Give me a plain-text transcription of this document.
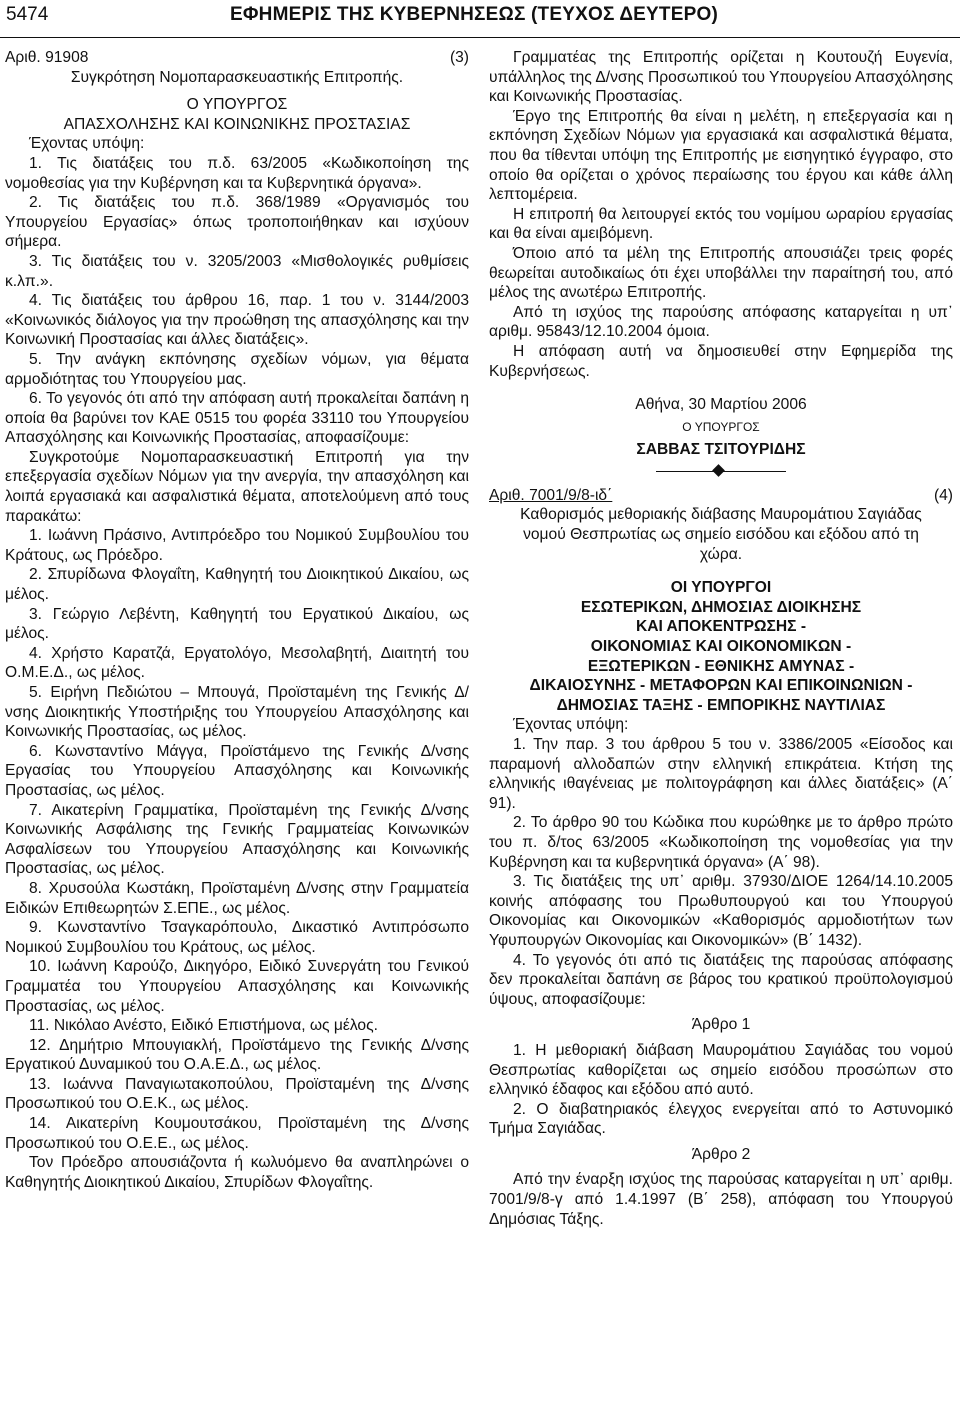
5474	ΕΦΗΜΕΡΙΣ ΤΗΣ ΚΥΒΕΡΝΗΣΕΩΣ (ΤΕΥΧΟΣ ΔΕΥΤΕΡΟ)
Αριθ. 91908	(3)

Συγκρότηση Νομοπαρασκευαστικής Επιτροπής.

Ο ΥΠΟΥΡΓΟΣ

ΑΠΑΣΧΟΛΗΣΗΣ ΚΑΙ ΚΟΙΝΩΝΙΚΗΣ ΠΡΟΣΤΑΣΙΑΣ

Έχοντας υπόψη:

1. Τις διατάξεις του π.δ. 63/2005 «Κωδικοποίηση της νομοθεσίας για την Κυβέρνηση και τα Κυβερνητικά όργανα».

2. Τις διατάξεις του π.δ. 368/1989 «Οργανισμός του Υπουργείου Εργασίας» όπως τροποποιήθηκαν και ισχύουν σήμερα.

3. Τις διατάξεις του ν. 3205/2003 «Μισθολογικές ρυθμίσεις κ.λπ.».

4. Τις διατάξεις του άρθρου 16, παρ. 1 του ν. 3144/2003 «Κοινωνικός διάλογος για την προώθηση της απασχόλησης και την Κοινωνική Προστασίας και άλλες διατάξεις».

5. Την ανάγκη εκπόνησης σχεδίων νόμων, για θέματα αρμοδιότητας του Υπουργείου μας.

6. Το γεγονός ότι από την απόφαση αυτή προκαλείται δαπάνη η οποία θα βαρύνει τον ΚΑΕ 0515 του φορέα 33110 του Υπουργείου Απασχόλησης και Κοινωνικής Προστασίας, αποφασίζουμε:

Συγκροτούμε Νομοπαρασκευαστική Επιτροπή για την επεξεργασία σχεδίων Νόμων για την ανεργία, την απασχόληση και λοιπά εργασιακά και ασφαλιστικά θέματα, αποτελούμενη από τους παρακάτω:

1. Ιωάννη Πράσινο, Αντιπρόεδρο του Νομικού Συμβουλίου του Κράτους, ως Πρόεδρο.

2. Σπυρίδωνα Φλογαΐτη, Καθηγητή του Διοικητικού Δικαίου, ως μέλος.

3. Γεώργιο Λεβέντη, Καθηγητή του Εργατικού Δικαίου, ως μέλος.

4. Χρήστο Καρατζά, Εργατολόγο, Μεσολαβητή, Διαιτητή του Ο.Μ.Ε.Δ., ως μέλος.

5. Ειρήνη Πεδιώτου – Μπουγά, Προϊσταμένη της Γενικής Δ/νσης Διοικητικής Υποστήριξης του Υπουργείου Απασχόλησης και Κοινωνικής Προστασίας, ως μέλος.

6. Κωνσταντίνο Μάγγα, Προϊστάμενο της Γενικής Δ/νσης Εργασίας του Υπουργείου Απασχόλησης και Κοινωνικής Προστασίας, ως μέλος.

7. Αικατερίνη Γραμματίκα, Προϊσταμένη της Γενικής Δ/νσης Κοινωνικής Ασφάλισης της Γενικής Γραμματείας Κοινωνικών Ασφαλίσεων του Υπουργείου Απασχόλησης και Κοινωνικής Προστασίας, ως μέλος.

8. Χρυσούλα Κωστάκη, Προϊσταμένη Δ/νσης στην Γραμματεία Ειδικών Επιθεωρητών Σ.ΕΠΕ., ως μέλος.

9. Κωνσταντίνο Τσαγκαρόπουλο, Δικαστικό Αντιπρόσωπο Νομικού Συμβουλίου του Κράτους, ως μέλος.

10. Ιωάννη Καρούζο, Δικηγόρο, Ειδικό Συνεργάτη του Γενικού Γραμματέα του Υπουργείου Απασχόλησης και Κοινωνικής Προστασίας, ως μέλος.

11. Νικόλαο Ανέστο, Ειδικό Επιστήμονα, ως μέλος.

12. Δημήτριο Μπουγιακλή, Προϊστάμενο της Γενικής Δ/νσης Εργατικού Δυναμικού του Ο.Α.Ε.Δ., ως μέλος.

13. Ιωάννα Παναγιωτακοπούλου, Προϊσταμένη της Δ/νσης Προσωπικού του Ο.Ε.Κ., ως μέλος.

14. Αικατερίνη Κουμουτσάκου, Προϊσταμένη της Δ/νσης Προσωπικού του Ο.Ε.Ε., ως μέλος.

Τον Πρόεδρο απουσιάζοντα ή κωλυόμενο θα αναπληρώνει ο Καθηγητής Διοικητικού Δικαίου, Σπυρίδων Φλογαΐτης.

Γραμματέας της Επιτροπής ορίζεται η Κουτουζή Ευγενία, υπάλληλος της Δ/νσης Προσωπικού του Υπουργείου Απασχόλησης και Κοινωνικής Προστασίας.

Έργο της Επιτροπής θα είναι η μελέτη, η επεξεργασία και η εκπόνηση Σχεδίων Νόμων για εργασιακά και ασφαλιστικά θέματα, που θα τίθενται υπόψη της Επιτροπής με εισηγητικό έγγραφο, στο οποίο θα ορίζεται ο χρόνος περαίωσης του έργου και κάθε άλλη λεπτομέρεια.

Η επιτροπή θα λειτουργεί εκτός του νομίμου ωραρίου εργασίας και θα είναι αμειβόμενη.

Όποιο από τα μέλη της Επιτροπής απουσιάζει τρεις φορές θεωρείται αυτοδικαίως ότι έχει υποβάλλει την παραίτησή του, από μέλος της ανωτέρω Επιτροπής.

Από τη ισχύος της παρούσης απόφασης καταργείται η υπ᾽ αριθμ. 95843/12.10.2004 όμοια.

Η απόφαση αυτή να δημοσιευθεί στην Εφημερίδα της Κυβερνήσεως.

Αθήνα, 30 Μαρτίου 2006

Ο ΥΠΟΥΡΓΟΣ

ΣΑΒΒΑΣ ΤΣΙΤΟΥΡΙΔΗΣ

Αριθ. 7001/9/8-ιδ΄	(4)

Καθορισμός μεθοριακής διάβασης Μαυρομάτιου Σαγιάδας νομού Θεσπρωτίας ως σημείο εισόδου και εξόδου από τη χώρα.

ΟΙ ΥΠΟΥΡΓΟΙ

ΕΣΩΤΕΡΙΚΩΝ, ΔΗΜΟΣΙΑΣ ΔΙΟΙΚΗΣΗΣ

ΚΑΙ ΑΠΟΚΕΝΤΡΩΣΗΣ -

ΟΙΚΟΝΟΜΙΑΣ ΚΑΙ ΟΙΚΟΝΟΜΙΚΩΝ -

ΕΞΩΤΕΡΙΚΩΝ - ΕΘΝΙΚΗΣ ΑΜΥΝΑΣ -

ΔΙΚΑΙΟΣΥΝΗΣ - ΜΕΤΑΦΟΡΩΝ ΚΑΙ ΕΠΙΚΟΙΝΩΝΙΩΝ -

ΔΗΜΟΣΙΑΣ ΤΑΞΗΣ - ΕΜΠΟΡΙΚΗΣ ΝΑΥΤΙΛΙΑΣ

Έχοντας υπόψη:

1. Την παρ. 3 του άρθρου 5 του ν. 3386/2005 «Είσοδος και παραμονή αλλοδαπών στην ελληνική επικράτεια. Κτήση της ελληνικής ιθαγένειας με πολιτογράφηση και άλλες διατάξεις» (Α΄ 91).

2. Το άρθρο 90 του Κώδικα που κυρώθηκε με το άρθρο πρώτο του π. δ/τος 63/2005 «Κωδικοποίηση της νομοθεσίας για την Κυβέρνηση και τα κυβερνητικά όργανα» (Α΄ 98).

3. Τις διατάξεις της υπ᾽ αριθμ. 37930/ΔΙΟΕ 1264/14.10.2005 κοινής απόφασης του Πρωθυπουργού και του Υπουργού Οικονομίας και Οικονομικών «Καθορισμός αρμοδιοτήτων των Υφυπουργών Οικονομίας και Οικονομικών» (Β΄ 1432).

4. Το γεγονός ότι από τις διατάξεις της παρούσας απόφασης δεν προκαλείται δαπάνη σε βάρος του κρατικού προϋπολογισμού ύψους, αποφασίζουμε:

Άρθρο 1

1. Η μεθοριακή διάβαση Μαυρομάτιου Σαγιάδας του νομού Θεσπρωτίας καθορίζεται ως σημείο εισόδου προσώπων στο ελληνικό έδαφος και εξόδου από αυτό.

2. Ο διαβατηριακός έλεγχος ενεργείται από το Αστυνομικό Τμήμα Σαγιάδας.

Άρθρο 2

Από την έναρξη ισχύος της παρούσας καταργείται η υπ᾽ αριθμ. 7001/9/8-γ από 1.4.1997 (Β΄ 258), απόφαση του Υπουργού Δημόσιας Τάξης.
